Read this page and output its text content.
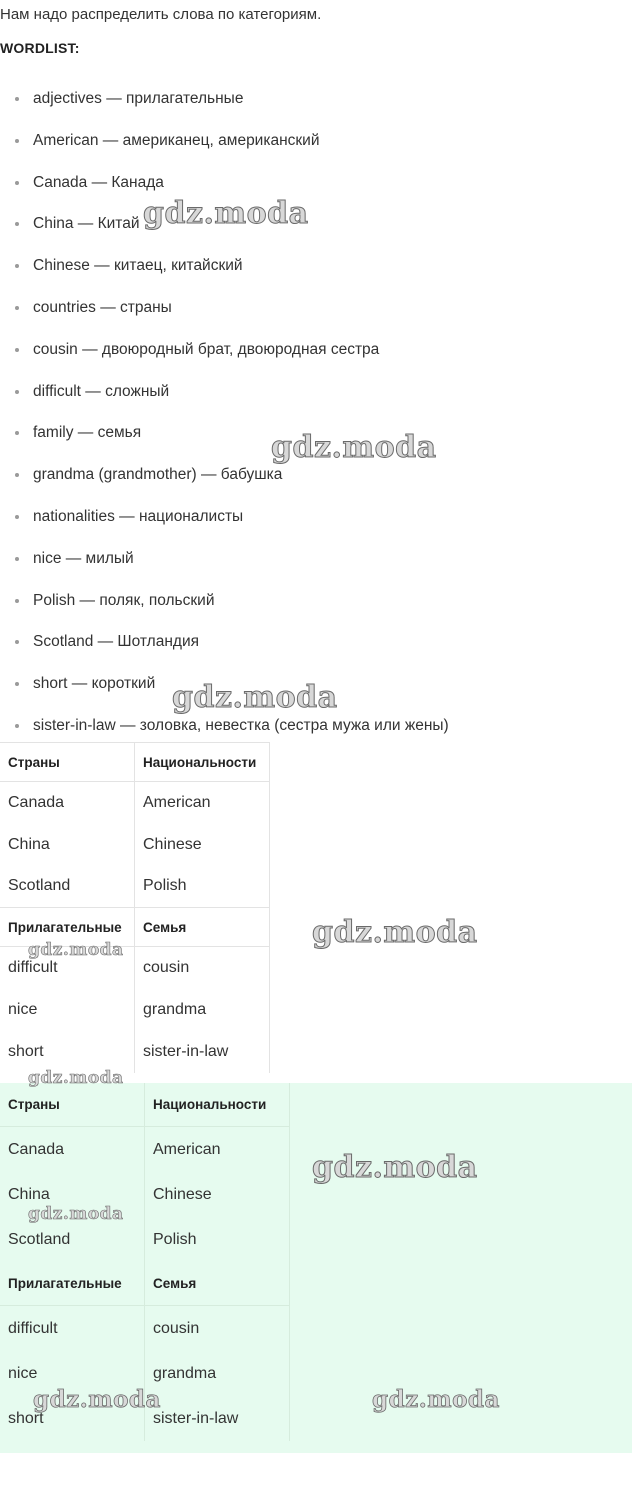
Нам надо распределить слова по категориям.
WORDLIST:
adjectives — прилагательные
American — американец, американский
Canada — Канада
China — Китай
Chinese — китаец, китайский
countries — страны
cousin — двоюродный брат, двоюродная сестра
difficult — сложный
family — семья
grandma (grandmother) — бабушка
nationalities — националисты
nice — милый
Polish — поляк, польский
Scotland — Шотландия
short — короткий
sister-in-law — золовка, невестка (сестра мужа или жены)
Страны	Национальности
Canada	American
China	Chinese
Scotland	Polish
Прилагательные	Семья
difficult	cousin
nice	grandma
short	sister-in-law
Страны	Национальности
Canada	American
China	Chinese
Scotland	Polish
Прилагательные	Семья
difficult	cousin
nice	grandma
short	sister-in-law
gdz.moda
gdz.moda
gdz.moda
gdz.moda
gdz.moda
gdz.moda
gdz.moda
gdz.moda
gdz.moda	gdz.moda
